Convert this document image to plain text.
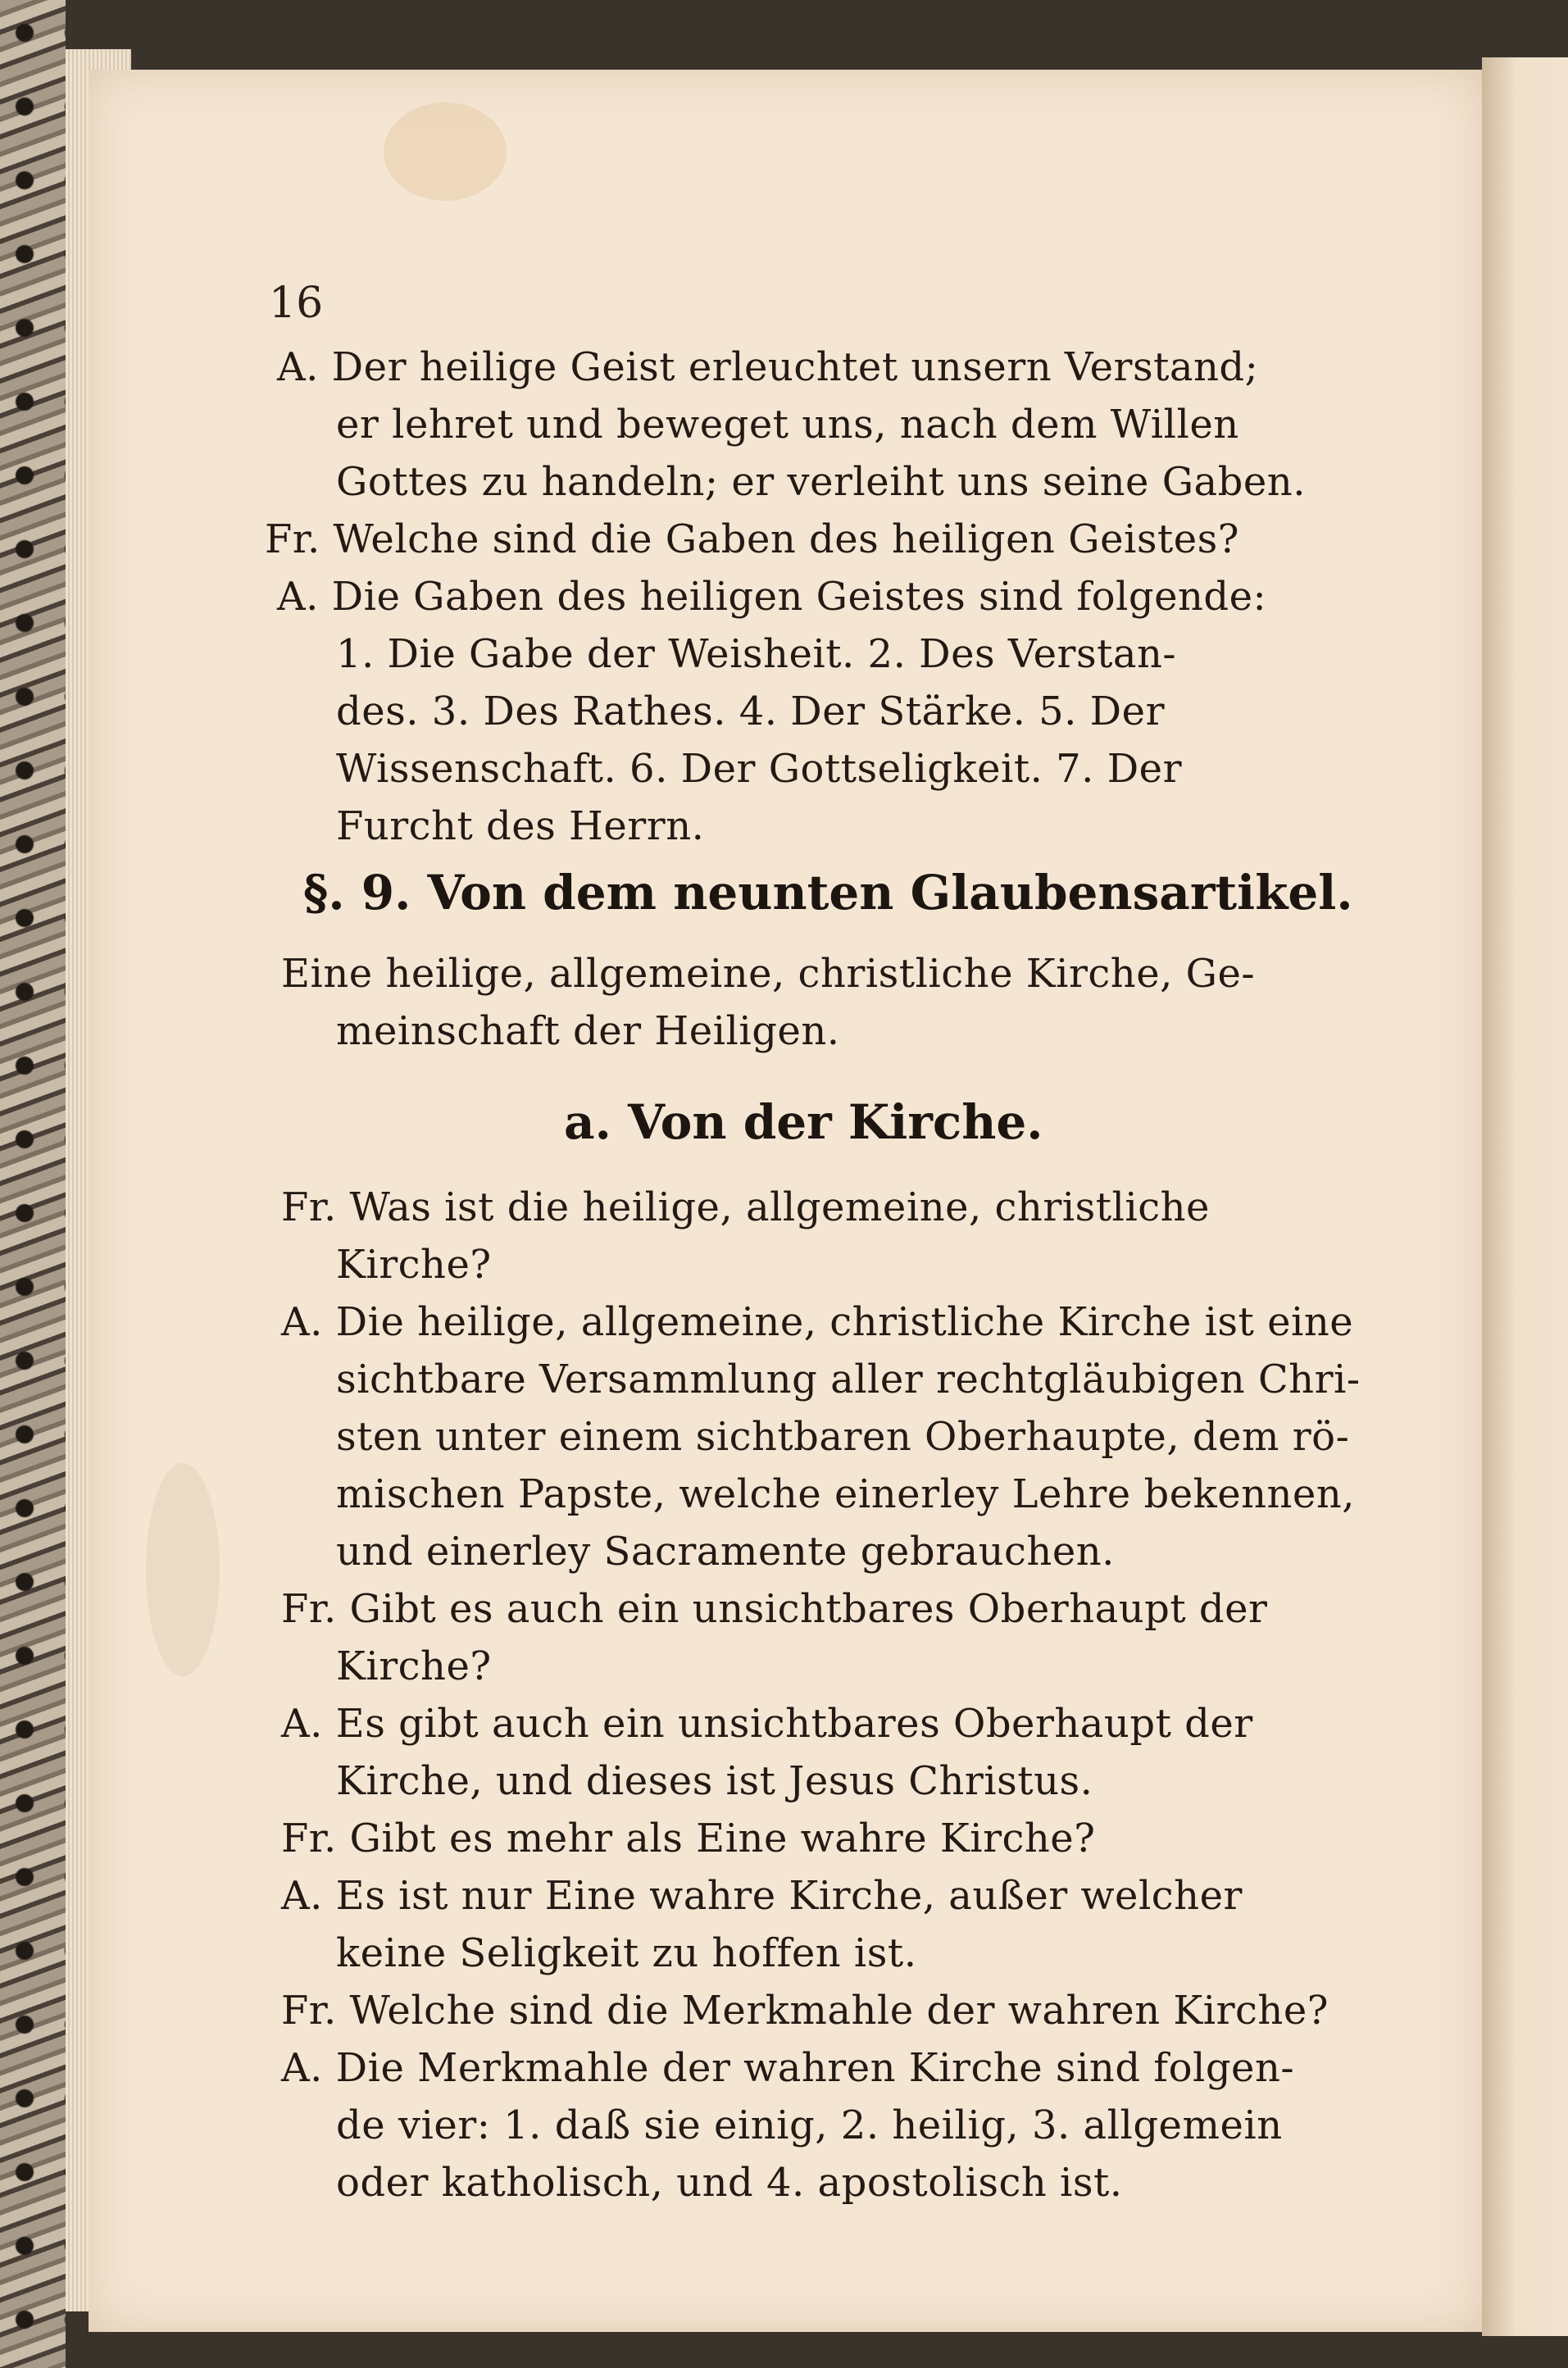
16
A. Der heilige Geist erleuchtet unsern Verstand;
er lehret und beweget uns, nach dem Willen
Gottes zu handeln; er verleiht uns seine Gaben.
Fr. Welche sind die Gaben des heiligen Geistes?
A. Die Gaben des heiligen Geistes sind folgende:
1. Die Gabe der Weisheit. 2. Des Verstan-
des. 3. Des Rathes. 4. Der Stärke. 5. Der
Wissenschaft. 6. Der Gottseligkeit. 7. Der
Furcht des Herrn.
§. 9. Von dem neunten Glaubensartikel.
Eine heilige, allgemeine, christliche Kirche, Ge-
meinschaft der Heiligen.
a. Von der Kirche.
Fr. Was ist die heilige, allgemeine, christliche
Kirche?
A. Die heilige, allgemeine, christliche Kirche ist eine
sichtbare Versammlung aller rechtgläubigen Chri-
sten unter einem sichtbaren Oberhaupte, dem rö-
mischen Papste, welche einerley Lehre bekennen,
und einerley Sacramente gebrauchen.
Fr. Gibt es auch ein unsichtbares Oberhaupt der
Kirche?
A. Es gibt auch ein unsichtbares Oberhaupt der
Kirche, und dieses ist Jesus Christus.
Fr. Gibt es mehr als Eine wahre Kirche?
A. Es ist nur Eine wahre Kirche, außer welcher
keine Seligkeit zu hoffen ist.
Fr. Welche sind die Merkmahle der wahren Kirche?
A. Die Merkmahle der wahren Kirche sind folgen-
de vier: 1. daß sie einig, 2. heilig, 3. allgemein
oder katholisch, und 4. apostolisch ist.
